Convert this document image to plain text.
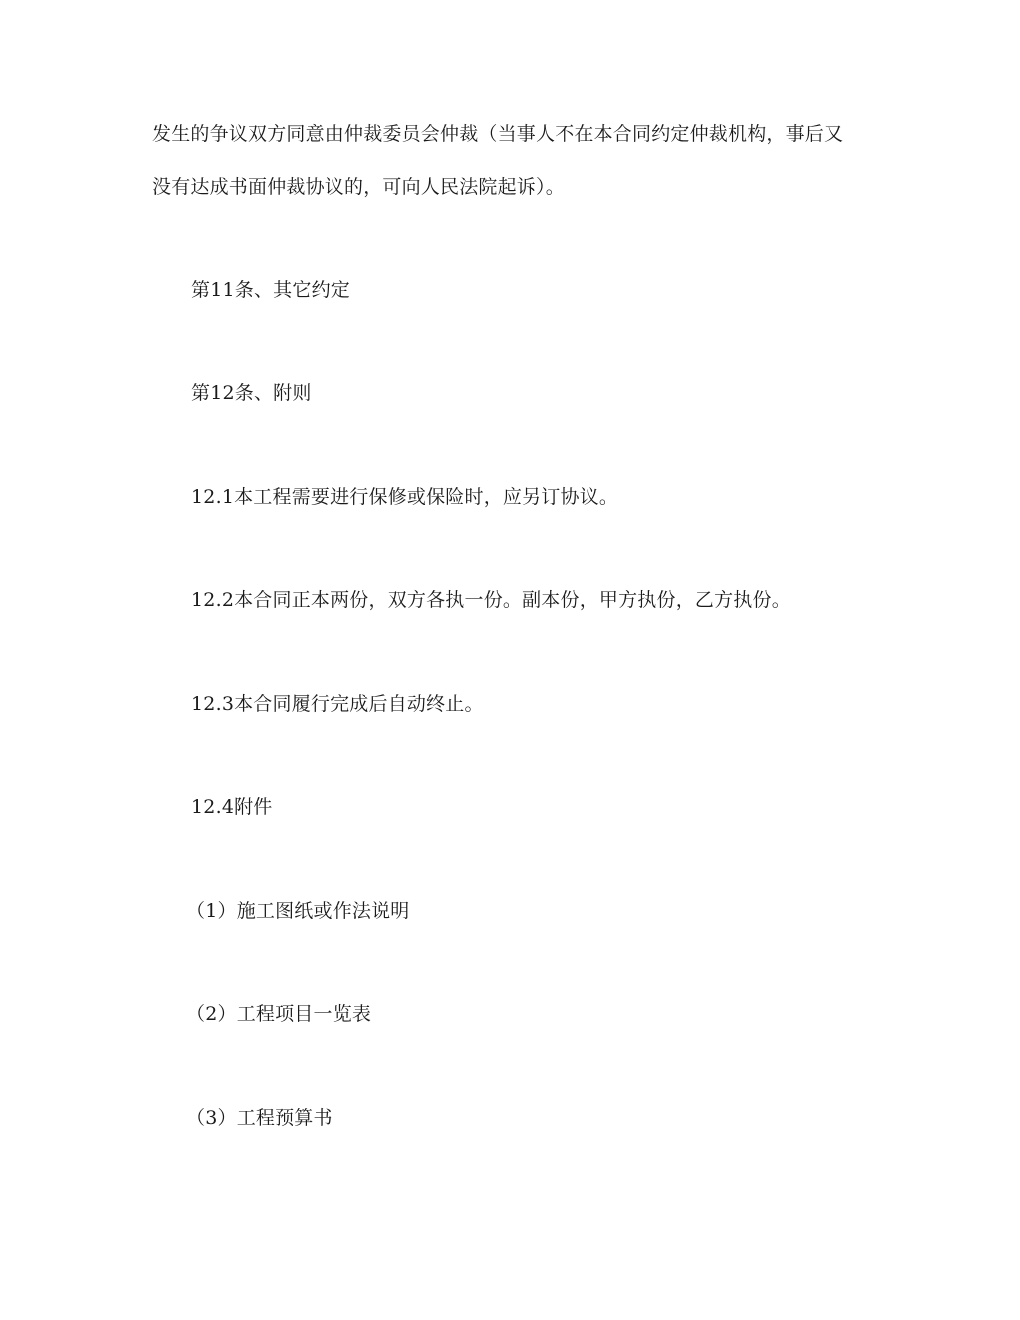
发生的争议双方同意由仲裁委员会仲裁（当事人不在本合同约定仲裁机构，事后又
没有达成书面仲裁协议的，可向人民法院起诉）。
第11条、其它约定
第12条、附则
12.1本工程需要进行保修或保险时，应另订协议。
12.2本合同正本两份，双方各执一份。副本份，甲方执份，乙方执份。
12.3本合同履行完成后自动终止。
12.4附件
（1）施工图纸或作法说明
（2）工程项目一览表
（3）工程预算书
